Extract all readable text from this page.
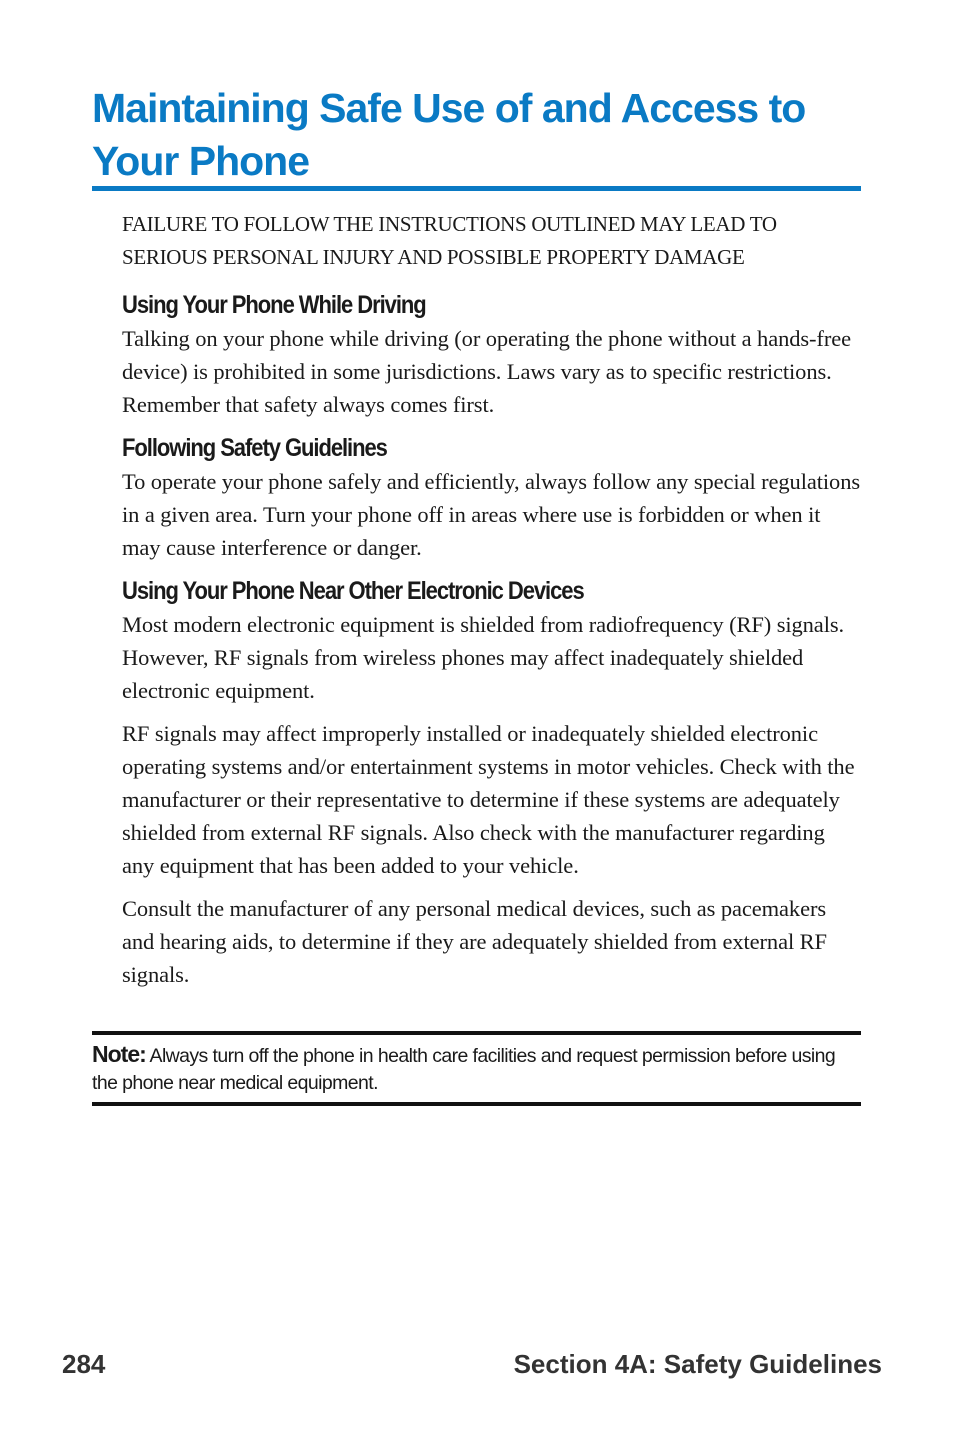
Maintaining Safe Use of and Access to Your Phone

FAILURE TO FOLLOW THE INSTRUCTIONS OUTLINED MAY LEAD TO SERIOUS PERSONAL INJURY AND POSSIBLE PROPERTY DAMAGE

Using Your Phone While Driving

Talking on your phone while driving (or operating the phone without a hands-free device) is prohibited in some jurisdictions. Laws vary as to specific restrictions. Remember that safety always comes first.

Following Safety Guidelines

To operate your phone safely and efficiently, always follow any special regulations in a given area. Turn your phone off in areas where use is forbidden or when it may cause interference or danger.

Using Your Phone Near Other Electronic Devices

Most modern electronic equipment is shielded from radiofrequency (RF) signals. However, RF signals from wireless phones may affect inadequately shielded electronic equipment.

RF signals may affect improperly installed or inadequately shielded electronic operating systems and/or entertainment systems in motor vehicles. Check with the manufacturer or their representative to determine if these systems are adequately shielded from external RF signals. Also check with the manufacturer regarding any equipment that has been added to your vehicle.

Consult the manufacturer of any personal medical devices, such as pacemakers and hearing aids, to determine if they are adequately shielded from external RF signals.

Note: Always turn off the phone in health care facilities and request permission before using the phone near medical equipment.

284	Section 4A: Safety Guidelines
